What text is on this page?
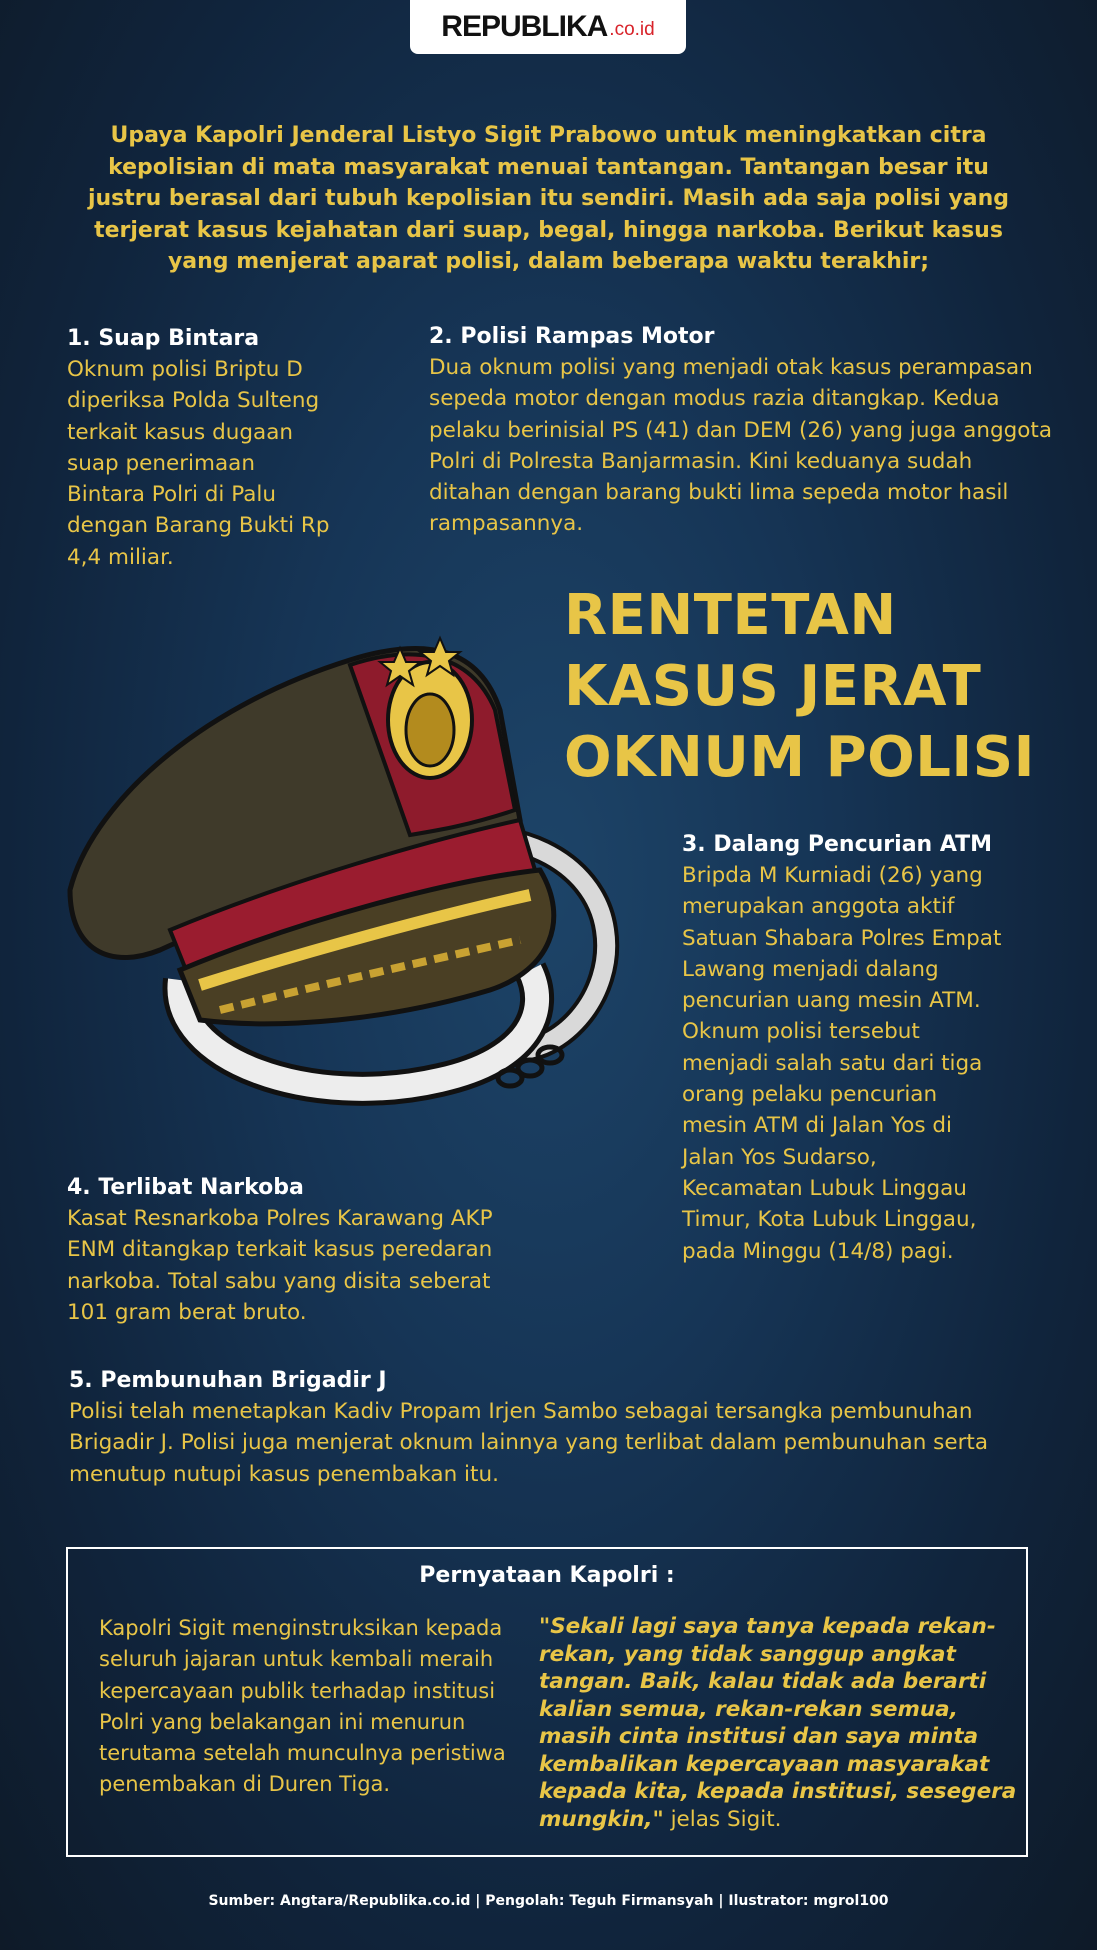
REPUBLIKA .co.id

Upaya Kapolri Jenderal Listyo Sigit Prabowo untuk meningkatkan citra kepolisian di mata masyarakat menuai tantangan. Tantangan besar itu justru berasal dari tubuh kepolisian itu sendiri. Masih ada saja polisi yang terjerat kasus kejahatan dari suap, begal, hingga narkoba. Berikut kasus yang menjerat aparat polisi, dalam beberapa waktu terakhir;

1. Suap Bintara
Oknum polisi Briptu D diperiksa Polda Sulteng terkait kasus dugaan suap penerimaan Bintara Polri di Palu dengan Barang Bukti Rp 4,4 miliar.
2. Polisi Rampas Motor
Dua oknum polisi yang menjadi otak kasus perampasan sepeda motor dengan modus razia ditangkap. Kedua pelaku berinisial PS (41) dan DEM (26) yang juga anggota Polri di Polresta Banjarmasin. Kini keduanya sudah ditahan dengan barang bukti lima sepeda motor hasil rampasannya.
RENTETAN
KASUS JERAT
OKNUM POLISI
3. Dalang Pencurian ATM
Bripda M Kurniadi (26) yang merupakan anggota aktif Satuan Shabara Polres Empat Lawang menjadi dalang pencurian uang mesin ATM. Oknum polisi tersebut menjadi salah satu dari tiga orang pelaku pencurian mesin ATM di Jalan Yos di Jalan Yos Sudarso, Kecamatan Lubuk Linggau Timur, Kota Lubuk Linggau, pada Minggu (14/8) pagi.
4. Terlibat Narkoba
Kasat Resnarkoba Polres Karawang AKP ENM ditangkap terkait kasus peredaran narkoba. Total sabu yang disita seberat 101 gram berat bruto.
5. Pembunuhan Brigadir J
Polisi telah menetapkan Kadiv Propam Irjen Sambo sebagai tersangka pembunuhan Brigadir J. Polisi juga menjerat oknum lainnya yang terlibat dalam pembunuhan serta menutup nutupi kasus penembakan itu.
Pernyataan Kapolri :

Kapolri Sigit menginstruksikan kepada seluruh jajaran untuk kembali meraih kepercayaan publik terhadap institusi Polri yang belakangan ini menurun terutama setelah munculnya peristiwa penembakan di Duren Tiga.

"Sekali lagi saya tanya kepada rekan-rekan, yang tidak sanggup angkat tangan. Baik, kalau tidak ada berarti kalian semua, rekan-rekan semua, masih cinta institusi dan saya minta kembalikan kepercayaan masyarakat kepada kita, kepada institusi, sesegera mungkin," jelas Sigit.

Sumber: Angtara/Republika.co.id | Pengolah: Teguh Firmansyah | Ilustrator: mgrol100
